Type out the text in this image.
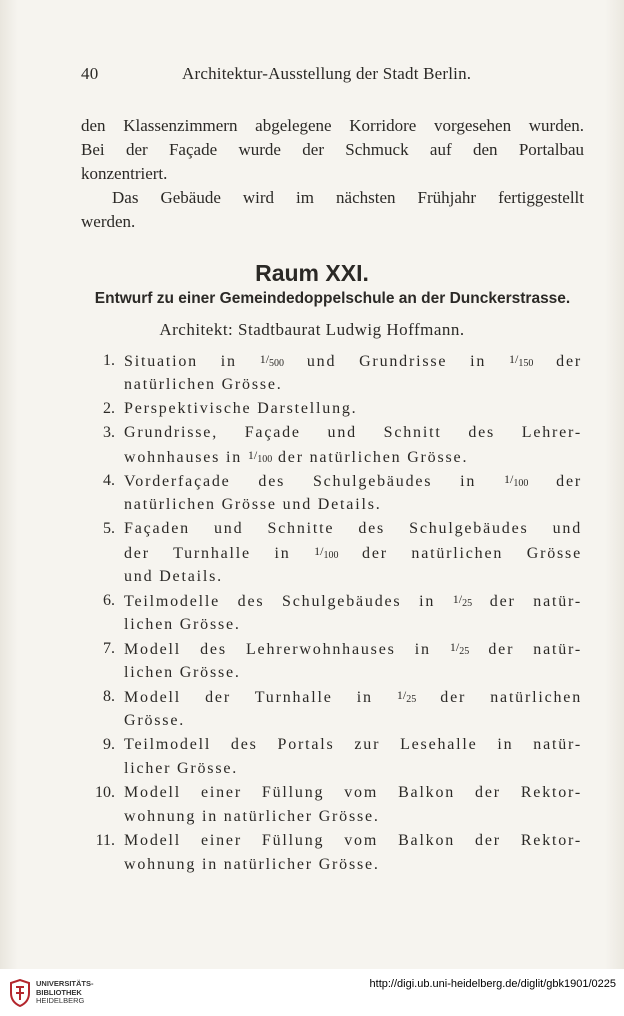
40	Architektur-Ausstellung der Stadt Berlin.
den Klassenzimmern abgelegene Korridore vorgesehen wurden.
Bei der Façade wurde der Schmuck auf den Portalbau
konzentriert.
Das Gebäude wird im nächsten Frühjahr fertiggestellt
werden.
Raum XXI.
Entwurf zu einer Gemeindedoppelschule an der Dunckerstrasse.
Architekt: Stadtbaurat Ludwig Hoffmann.
1. Situation in $1/_{500}$ und Grundrisse in $1/_{150}$ der
natürlichen Grösse.
2. Perspektivische Darstellung.
3. Grundrisse, Façade und Schnitt des Lehrer-
wohnhauses in $1/_{100}$ der natürlichen Grösse.
4. Vorderfaçade des Schulgebäudes in $1/_{100}$ der
natürlichen Grösse und Details.
5. Façaden und Schnitte des Schulgebäudes und
der Turnhalle in $1/_{100}$ der natürlichen Grösse
und Details.
6. Teilmodelle des Schulgebäudes in $1/_{25}$ der natür-
lichen Grösse.
7. Modell des Lehrerwohnhauses in $1/_{25}$ der natür-
lichen Grösse.
8. Modell der Turnhalle in $1/_{25}$ der natürlichen
Grösse.
9. Teilmodell des Portals zur Lesehalle in natür-
licher Grösse.
10. Modell einer Füllung vom Balkon der Rektor-
wohnung in natürlicher Grösse.
11. Modell einer Füllung vom Balkon der Rektor-
wohnung in natürlicher Grösse.
UNIVERSITÄTS-
BIBLIOTHEK
HEIDELBERG
http://digi.ub.uni-heidelberg.de/diglit/gbk1901/0225
